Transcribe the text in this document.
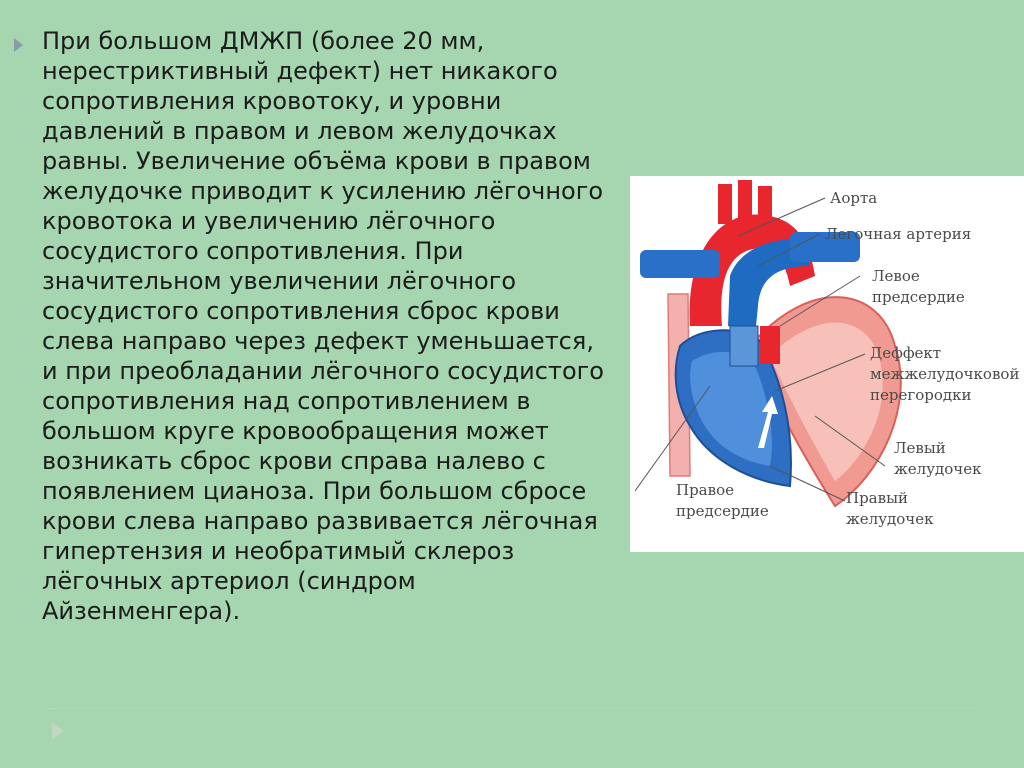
При большом ДМЖП (более 20 мм,
нерестриктивный дефект) нет никакого
сопротивления кровотоку, и уровни
давлений в правом и левом желудочках
равны. Увеличение объёма крови в правом
желудочке приводит к усилению лёгочного
кровотока и увеличению лёгочного
сосудистого сопротивления. При
значительном увеличении лёгочного
сосудистого сопротивления сброс крови
слева направо через дефект уменьшается,
и при преобладании лёгочного сосудистого
сопротивления над сопротивлением в
большом круге кровообращения может
возникать сброс крови справа налево с
появлением цианоза. При большом сбросе
крови слева направо развивается лёгочная
гипертензия и необратимый склероз
лёгочных артериол (синдром
Айзенменгера).

Аорта
Легочная артерия
Левое
предсердие
Деффект
межжелудочковой
перегородки
Левый
желудочек
Правое
предсердие
Правый
желудочек
